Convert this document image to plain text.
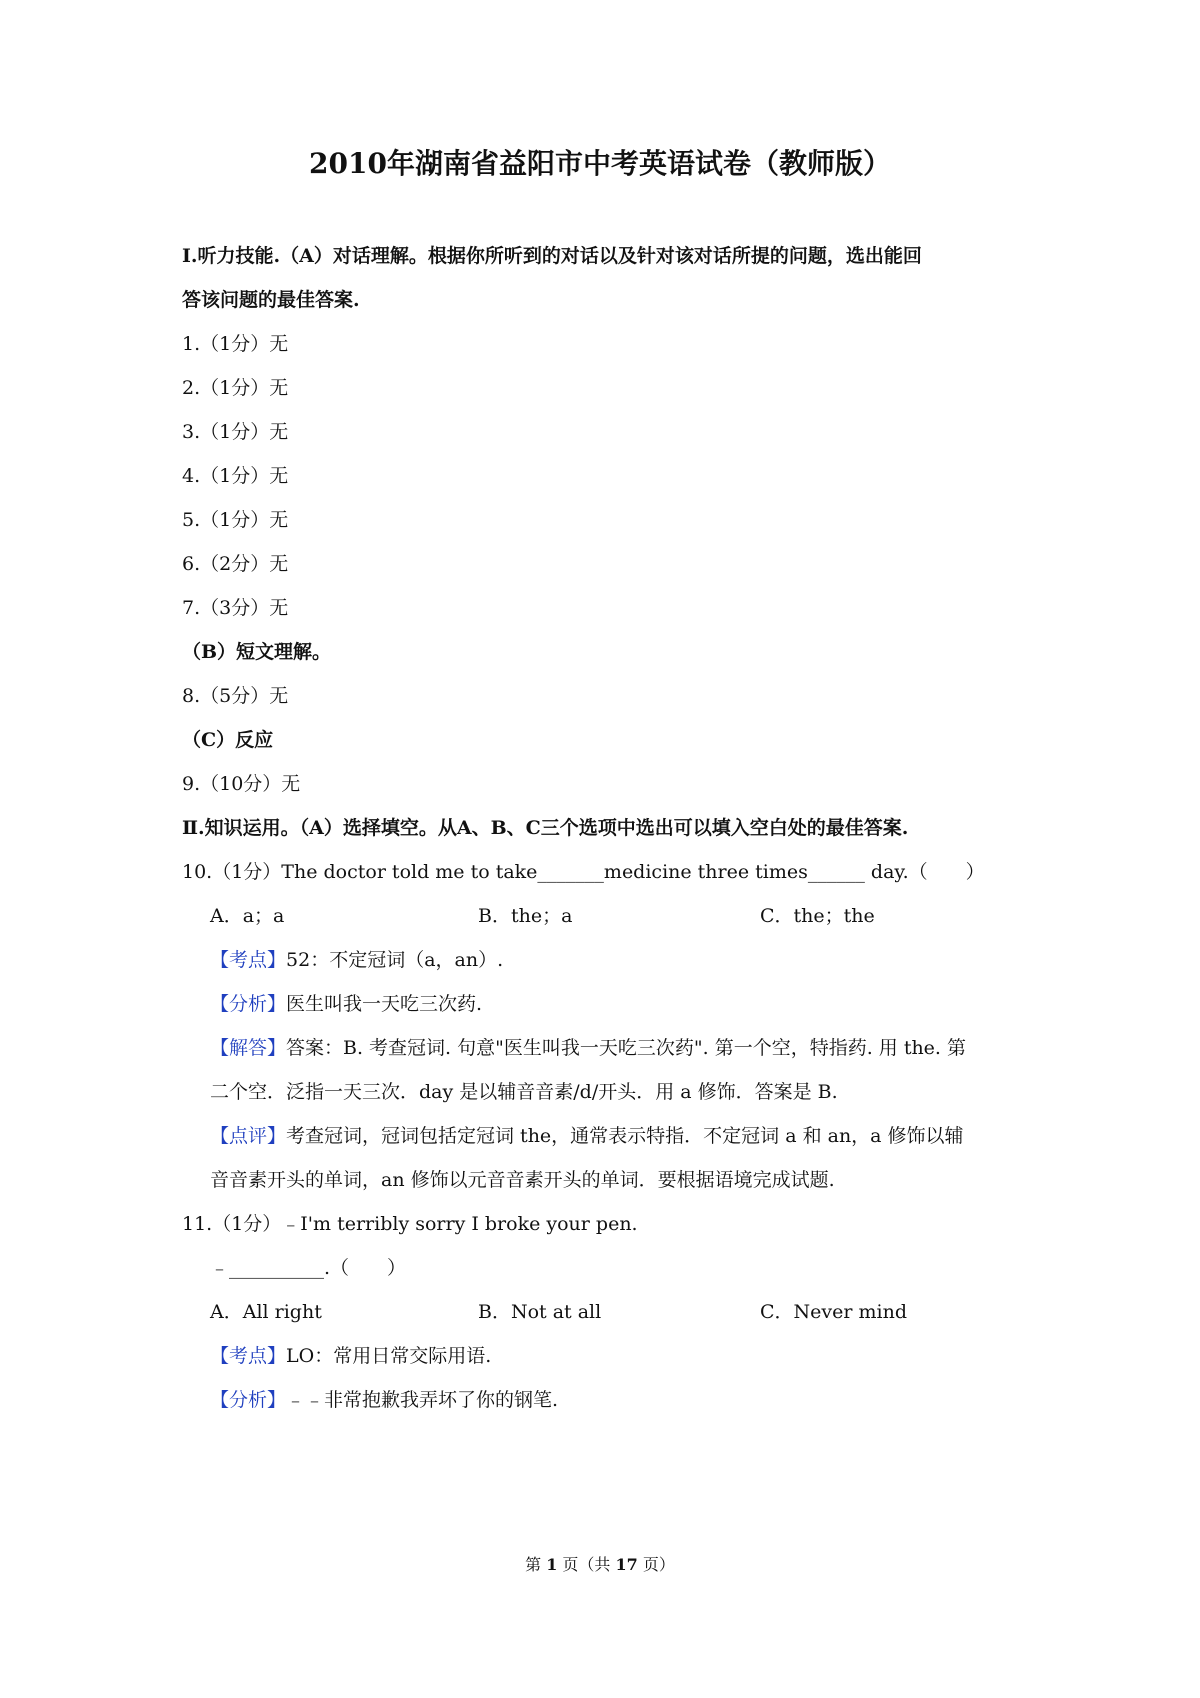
2010年湖南省益阳市中考英语试卷（教师版）
Ⅰ.听力技能.（A）对话理解。根据你所听到的对话以及针对该对话所提的问题，选出能回
答该问题的最佳答案.
1.（1分）无
2.（1分）无
3.（1分）无
4.（1分）无
5.（1分）无
6.（2分）无
7.（3分）无
（B）短文理解。
8.（5分）无
（C）反应
9.（10分）无
Ⅱ.知识运用。（A）选择填空。从A、B、C三个选项中选出可以填入空白处的最佳答案.
10.（1分）The doctor told me to take_______medicine three times______ day.（　　）
A．a；a	B．the；a	C．the；the
【考点】52：不定冠词（a，an）.
【分析】医生叫我一天吃三次药.
【解答】答案：B. 考查冠词. 句意"医生叫我一天吃三次药". 第一个空，特指药. 用 the. 第
二个空．泛指一天三次．day 是以辅音音素/d/开头．用 a 修饰．答案是 B.
【点评】考查冠词，冠词包括定冠词 the，通常表示特指．不定冠词 a 和 an，a 修饰以辅
音音素开头的单词，an 修饰以元音音素开头的单词．要根据语境完成试题.
11.（1分）﹣I'm terribly sorry I broke your pen.
﹣__________.（　　）
A．All right	B．Not at all	C．Never mind
【考点】LO：常用日常交际用语.
【分析】﹣﹣非常抱歉我弄坏了你的钢笔.
第 1 页（共 17 页）
